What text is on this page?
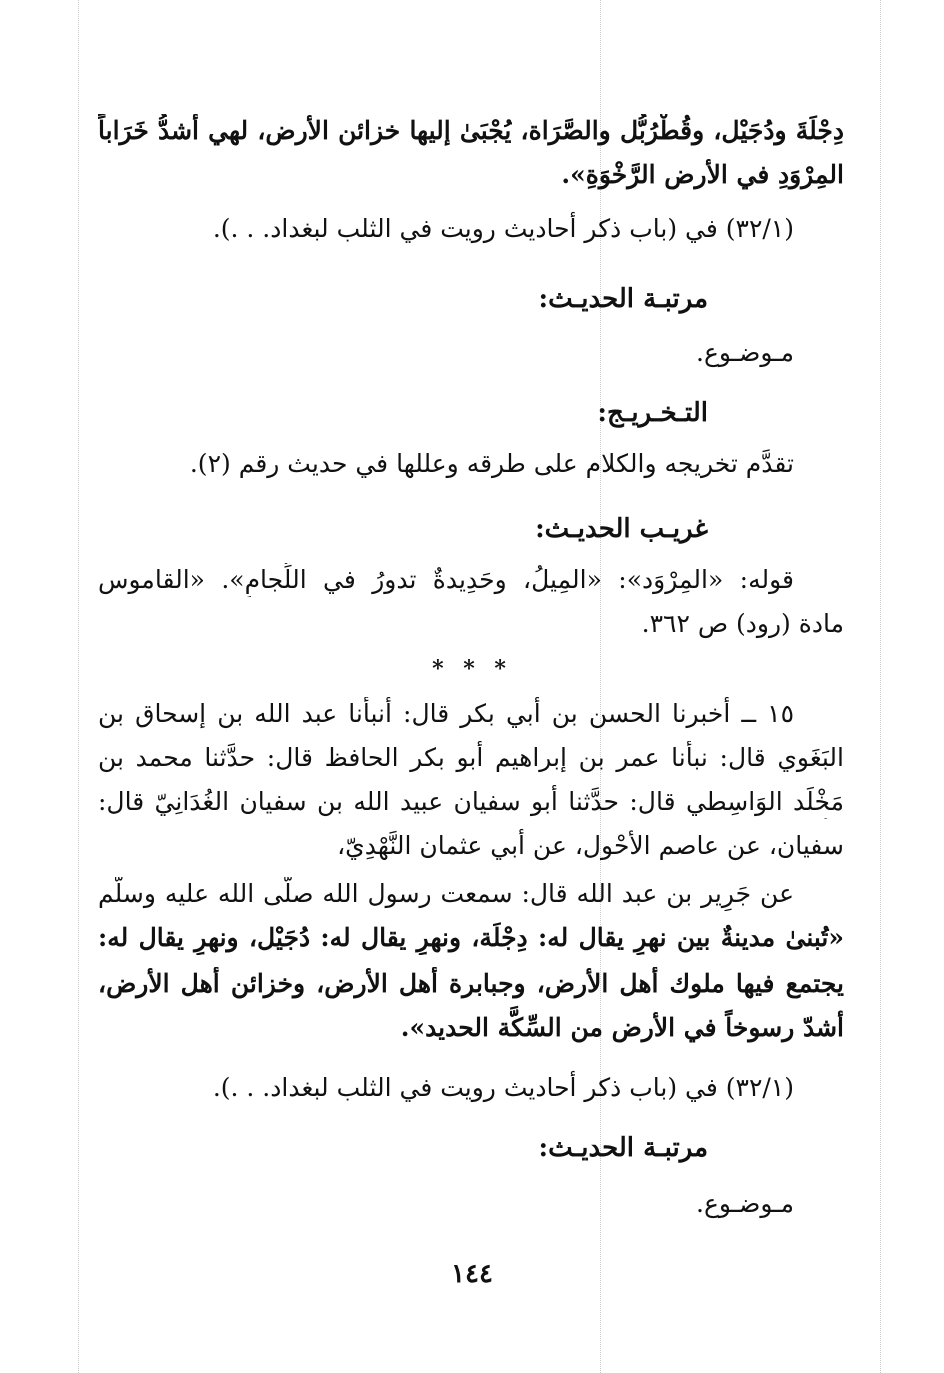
دِجْلَةَ ودُجَيْل، وقُطْرُبُّل والصَّرَاة، يُجْبَىٰ إليها خزائن الأرض، لهي أشدُّ خَرَاباً
المِرْوَدِ في الأرض الرَّخْوَةِ».
(٣٢/١) في (باب ذكر أحاديث رويت في الثلب لبغداد. . .).
مرتبـة الحديـث:
مـوضـوع.
التـخـريـج:
تقدَّم تخريجه والكلام على طرقه وعللها في حديث رقم (٢).
غريـب الحديـث:
قوله: «المِرْوَد»: «المِيلُ، وحَدِيدةٌ تدورُ في اللِّجامِ». «القاموس
مادة (رود) ص ٣٦٢.
* * *
١٥ ــ أخبرنا الحسن بن أبي بكر قال: أنبأنا عبد الله بن إسحاق بن
البَغَوي قال: نبأنا عمر بن إبراهيم أبو بكر الحافظ قال: حدَّثنا محمد بن
مَخْلَد الوَاسِطي قال: حدَّثنا أبو سفيان عبيد الله بن سفيان الغُدَانِيّ قال:
سفيان، عن عاصم الأحْول، عن أبي عثمان النَّهْدِيّ،
عن جَرِير بن عبد الله قال: سمعت رسول الله صلَّى الله عليه وسلَّم
«تُبنىٰ مدينةٌ بين نهرٍ يقال له: دِجْلَة، ونهرٍ يقال له: دُجَيْل، ونهرٍ يقال له:
يجتمع فيها ملوك أهل الأرض، وجبابرة أهل الأرض، وخزائن أهل الأرض،
أشدّ رسوخاً في الأرض من السِّكَّة الحديد».
(٣٢/١) في (باب ذكر أحاديث رويت في الثلب لبغداد. . .).
مرتبـة الحديـث:
مـوضـوع.
١٤٤
